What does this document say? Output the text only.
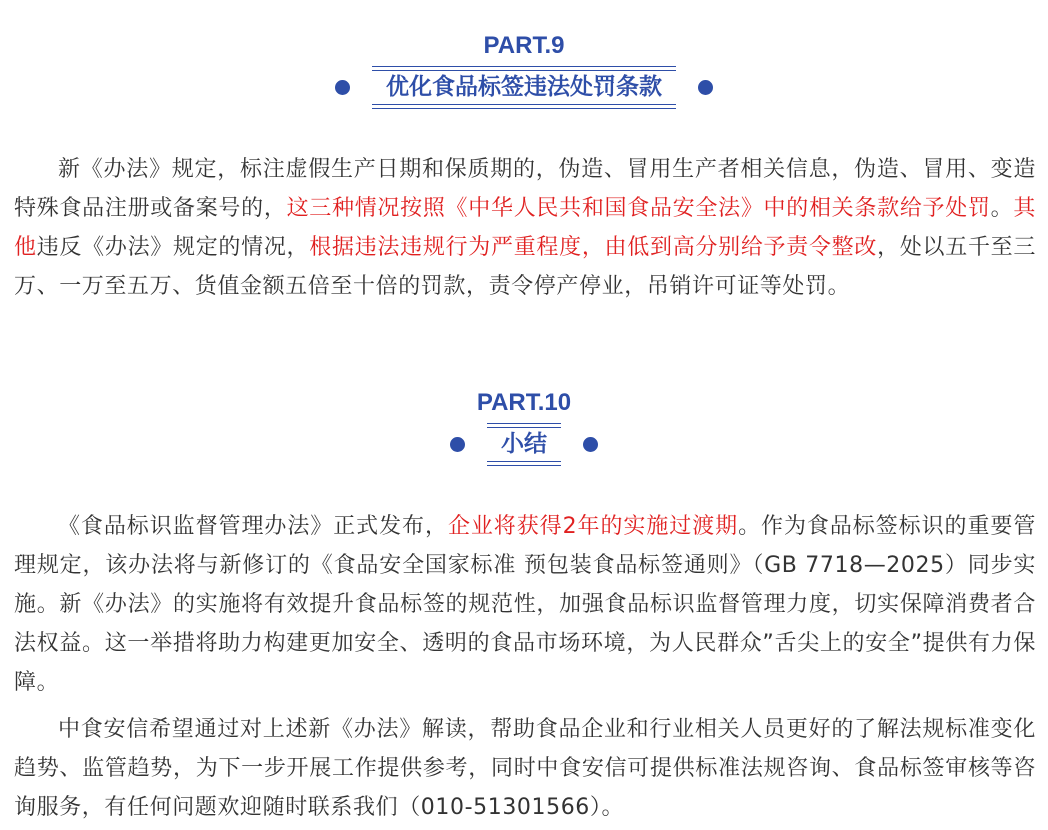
PART.9
优化食品标签违法处罚条款

新《办法》规定，标注虚假生产日期和保质期的，伪造、冒用生产者相关信息，伪造、冒用、变造特殊食品注册或备案号的，这三种情况按照《中华人民共和国食品安全法》中的相关条款给予处罚。其他违反《办法》规定的情况，根据违法违规行为严重程度，由低到高分别给予责令整改，处以五千至三万、一万至五万、货值金额五倍至十倍的罚款，责令停产停业，吊销许可证等处罚。

PART.10
小结

《食品标识监督管理办法》正式发布，企业将获得2年的实施过渡期。作为食品标签标识的重要管理规定，该办法将与新修订的《食品安全国家标准 预包装食品标签通则》（GB 7718—2025）同步实施。新《办法》的实施将有效提升食品标签的规范性，加强食品标识监督管理力度，切实保障消费者合法权益。这一举措将助力构建更加安全、透明的食品市场环境，为人民群众”舌尖上的安全”提供有力保障。

中食安信希望通过对上述新《办法》解读，帮助食品企业和行业相关人员更好的了解法规标准变化趋势、监管趋势，为下一步开展工作提供参考，同时中食安信可提供标准法规咨询、食品标签审核等咨询服务，有任何问题欢迎随时联系我们（010-51301566）。
